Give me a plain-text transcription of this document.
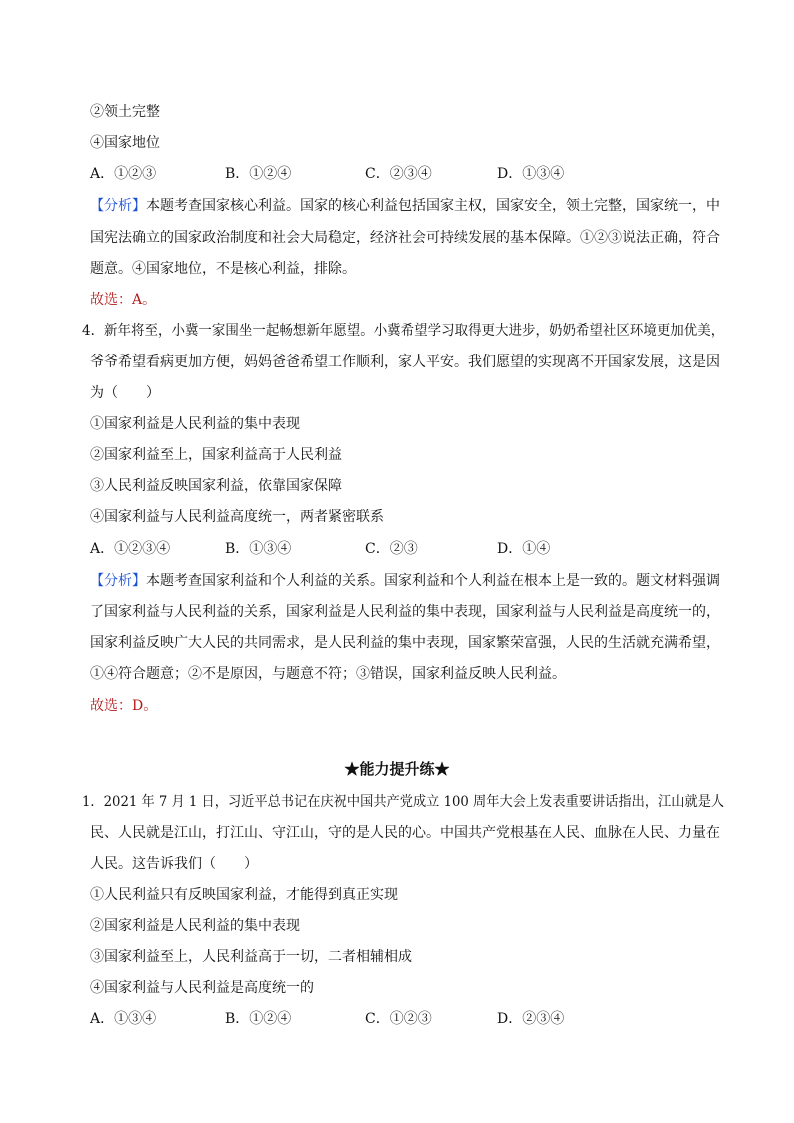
②领土完整
④国家地位
A．①②③	B．①②④	C．②③④	D．①③④
【分析】本题考查国家核心利益。国家的核心利益包括国家主权，国家安全，领土完整，国家统一，中
国宪法确立的国家政治制度和社会大局稳定，经济社会可持续发展的基本保障。①②③说法正确，符合
题意。④国家地位，不是核心利益，排除。
故选：A。
4．新年将至，小冀一家围坐一起畅想新年愿望。小冀希望学习取得更大进步，奶奶希望社区环境更加优美，
爷爷希望看病更加方便，妈妈爸爸希望工作顺利，家人平安。我们愿望的实现离不开国家发展，这是因
为（　　）
①国家利益是人民利益的集中表现
②国家利益至上，国家利益高于人民利益
③人民利益反映国家利益，依靠国家保障
④国家利益与人民利益高度统一，两者紧密联系
A．①②③④	B．①③④	C．②③	D．①④
【分析】本题考查国家利益和个人利益的关系。国家利益和个人利益在根本上是一致的。题文材料强调
了国家利益与人民利益的关系，国家利益是人民利益的集中表现，国家利益与人民利益是高度统一的，
国家利益反映广大人民的共同需求，是人民利益的集中表现，国家繁荣富强，人民的生活就充满希望，
①④符合题意；②不是原因，与题意不符；③错误，国家利益反映人民利益。
故选：D。
★能力提升练★
1．2021 年 7 月 1 日，习近平总书记在庆祝中国共产党成立 100 周年大会上发表重要讲话指出，江山就是人
民、人民就是江山，打江山、守江山，守的是人民的心。中国共产党根基在人民、血脉在人民、力量在
人民。这告诉我们（　　）
①人民利益只有反映国家利益，才能得到真正实现
②国家利益是人民利益的集中表现
③国家利益至上，人民利益高于一切，二者相辅相成
④国家利益与人民利益是高度统一的
A．①③④	B．①②④	C．①②③	D．②③④
